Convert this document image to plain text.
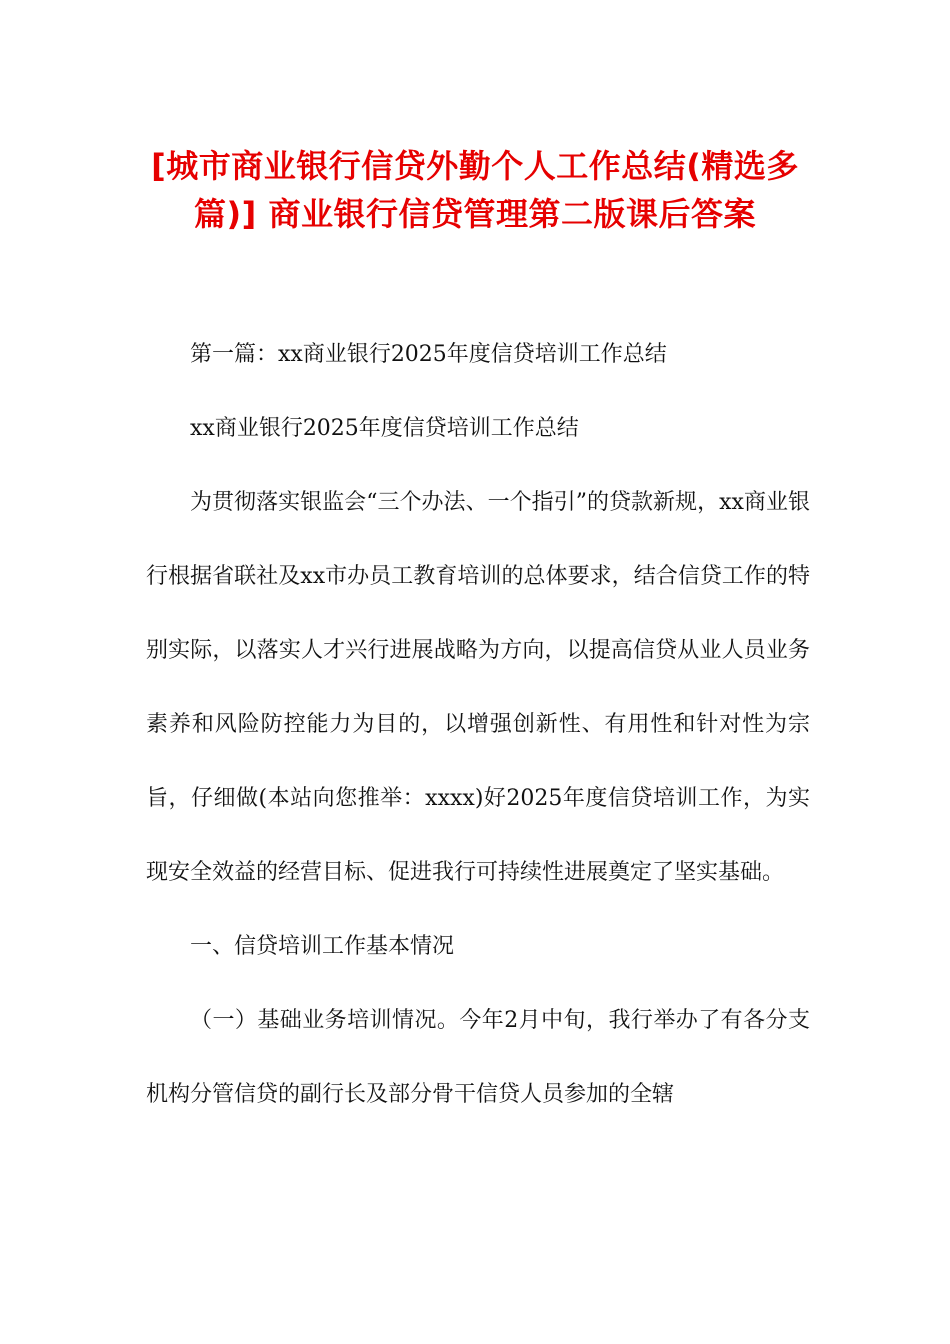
[城市商业银行信贷外勤个人工作总结(精选多篇)] 商业银行信贷管理第二版课后答案

第一篇：xx商业银行2025年度信贷培训工作总结

xx商业银行2025年度信贷培训工作总结

为贯彻落实银监会“三个办法、一个指引”的贷款新规，xx商业银行根据省联社及xx市办员工教育培训的总体要求，结合信贷工作的特别实际，以落实人才兴行进展战略为方向，以提高信贷从业人员业务素养和风险防控能力为目的，以增强创新性、有用性和针对性为宗旨，仔细做(本站向您推举：xxxx)好2025年度信贷培训工作，为实现安全效益的经营目标、促进我行可持续性进展奠定了坚实基础。

一、信贷培训工作基本情况

（一）基础业务培训情况。今年2月中旬，我行举办了有各分支机构分管信贷的副行长及部分骨干信贷人员参加的全辖
